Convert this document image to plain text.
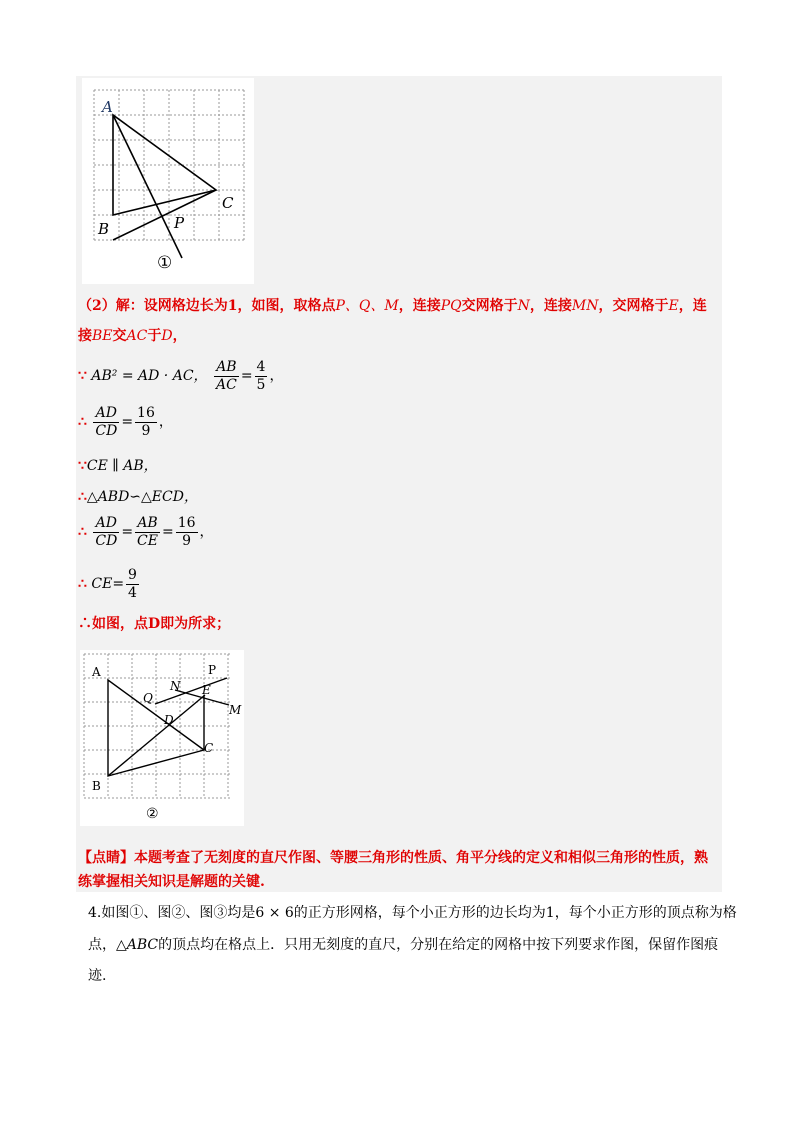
A
B
C
P
①
（2）解：设网格边长为1，如图，取格点P、Q、M，连接PQ交网格于N，连接MN，交网格于E，连
接BE交AC于D，
∵ AB² = AD · AC， $\frac{AB}{AC} = \frac{4}{5}$ ，
∴ $\frac{AD}{CD} = \frac{16}{9}$ ，
∵CE ∥ AB，
∴△ABD∽△ECD，
∴ $\frac{AD}{CD} = \frac{AB}{CE} = \frac{16}{9}$ ，
∴ $CE= \frac{9}{4}$
∴如图，点D即为所求；
A
B
C
D
E
P
Q
N
M
②
【点睛】本题考查了无刻度的直尺作图、等腰三角形的性质、角平分线的定义和相似三角形的性质，熟
练掌握相关知识是解题的关键.
4.如图①、图②、图③均是6 × 6的正方形网格，每个小正方形的边长均为1，每个小正方形的顶点称为格
点，△ABC的顶点均在格点上．只用无刻度的直尺，分别在给定的网格中按下列要求作图，保留作图痕
迹.
